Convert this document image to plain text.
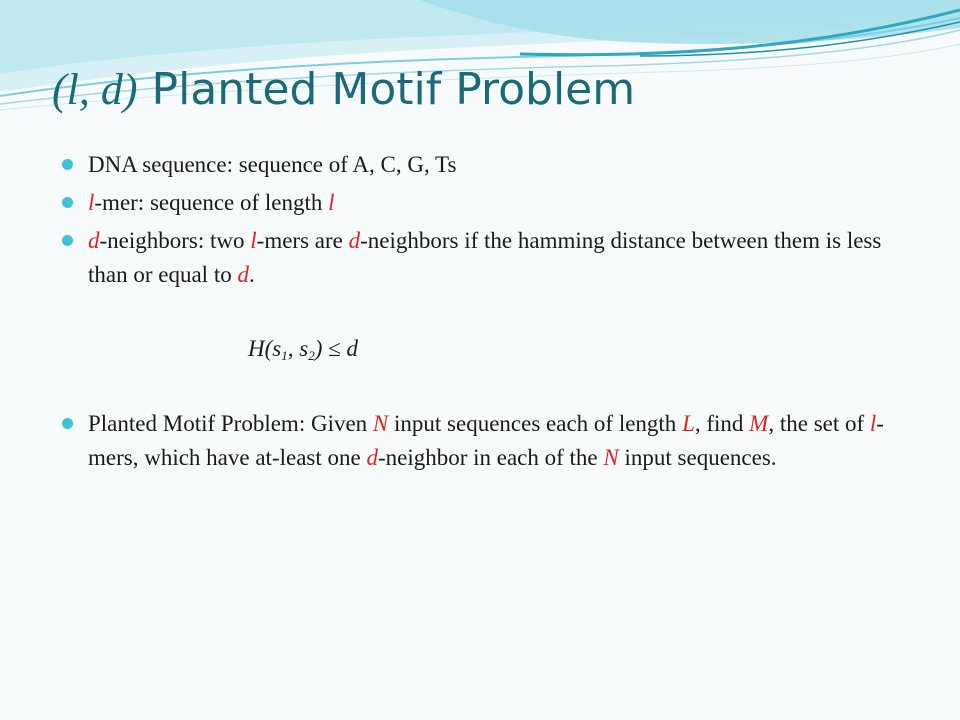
(l, d) Planted Motif Problem
DNA sequence: sequence of A, C, G, Ts
l-mer: sequence of length l
d-neighbors: two l-mers are d-neighbors if the hamming distance between them is less than or equal to d.
$H(s_1$, $s_2) \le d$
Planted Motif Problem: Given N input sequences each of length L, find M, the set of l-mers, which have at-least one d-neighbor in each of the N input sequences.
